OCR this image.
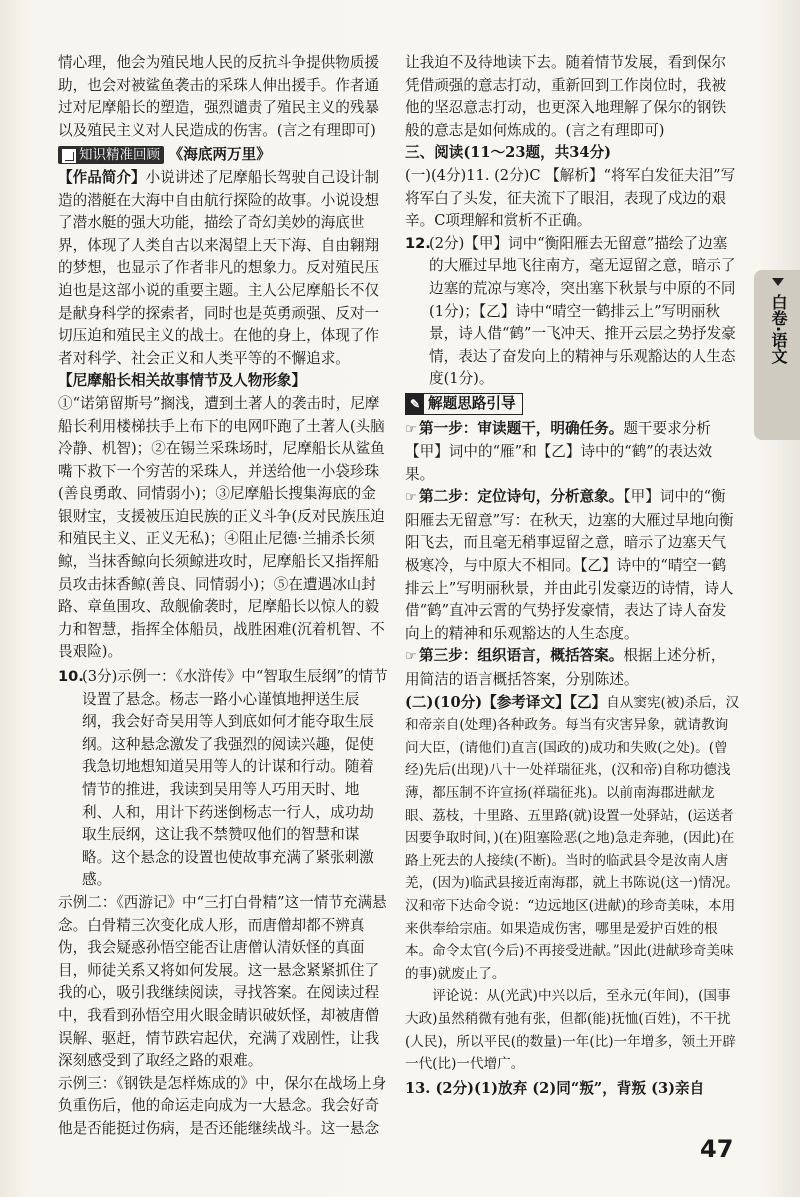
情心理，他会为殖民地人民的反抗斗争提供物质援助，也会对被鲨鱼袭击的采珠人伸出援手。作者通过对尼摩船长的塑造，强烈谴责了殖民主义的残暴以及殖民主义对人民造成的伤害。(言之有理即可)

知识精准回顾 《海底两万里》

【作品简介】小说讲述了尼摩船长驾驶自己设计制造的潜艇在大海中自由航行探险的故事。小说设想了潜水艇的强大功能，描绘了奇幻美妙的海底世界，体现了人类自古以来渴望上天下海、自由翱翔的梦想，也显示了作者非凡的想象力。反对殖民压迫也是这部小说的重要主题。主人公尼摩船长不仅是献身科学的探索者，同时也是英勇顽强、反对一切压迫和殖民主义的战士。在他的身上，体现了作者对科学、社会正义和人类平等的不懈追求。

【尼摩船长相关故事情节及人物形象】

①“诺第留斯号”搁浅，遭到土著人的袭击时，尼摩船长利用楼梯扶手上布下的电网吓跑了土著人(头脑冷静、机智)；②在锡兰采珠场时，尼摩船长从鲨鱼嘴下救下一个穷苦的采珠人，并送给他一小袋珍珠(善良勇敢、同情弱小)；③尼摩船长搜集海底的金银财宝，支援被压迫民族的正义斗争(反对民族压迫和殖民主义、正义无私)；④阻止尼德·兰捕杀长须鲸，当抹香鲸向长须鲸进攻时，尼摩船长又指挥船员攻击抹香鲸(善良、同情弱小)；⑤在遭遇冰山封路、章鱼围攻、敌舰偷袭时，尼摩船长以惊人的毅力和智慧，指挥全体船员，战胜困难(沉着机智、不畏艰险)。

10.

(3分)示例一：《水浒传》中“智取生辰纲”的情节设置了悬念。杨志一路小心谨慎地押送生辰纲，我会好奇吴用等人到底如何才能夺取生辰纲。这种悬念激发了我强烈的阅读兴趣，促使我急切地想知道吴用等人的计谋和行动。随着情节的推进，我读到吴用等人巧用天时、地利、人和，用计下药迷倒杨志一行人，成功劫取生辰纲，这让我不禁赞叹他们的智慧和谋略。这个悬念的设置也使故事充满了紧张刺激感。

示例二：《西游记》中“三打白骨精”这一情节充满悬念。白骨精三次变化成人形，而唐僧却都不辨真伪，我会疑惑孙悟空能否让唐僧认清妖怪的真面目，师徒关系又将如何发展。这一悬念紧紧抓住了我的心，吸引我继续阅读，寻找答案。在阅读过程中，我看到孙悟空用火眼金睛识破妖怪，却被唐僧误解、驱赶，情节跌宕起伏，充满了戏剧性，让我深刻感受到了取经之路的艰难。

示例三：《钢铁是怎样炼成的》中，保尔在战场上身负重伤后，他的命运走向成为一大悬念。我会好奇他是否能挺过伤病，是否还能继续战斗。这一悬念

让我迫不及待地读下去。随着情节发展，看到保尔凭借顽强的意志打动，重新回到工作岗位时，我被他的坚忍意志打动，也更深入地理解了保尔的钢铁般的意志是如何炼成的。(言之有理即可)

三、阅读(11～23题，共34分)

(一)(4分)11. (2分)C 【解析】“将军白发征夫泪”写将军白了头发，征夫流下了眼泪，表现了戍边的艰辛。C项理解和赏析不正确。

12.

(2分)【甲】词中“衡阳雁去无留意”描绘了边塞的大雁过早地飞往南方，毫无逗留之意，暗示了边塞的荒凉与寒冷，突出塞下秋景与中原的不同(1分)；【乙】诗中“晴空一鹤排云上”写明丽秋景，诗人借“鹤”一飞冲天、推开云层之势抒发豪情，表达了奋发向上的精神与乐观豁达的人生态度(1分)。

✎ 解题思路引导

☞ 第一步：审读题干，明确任务。题干要求分析【甲】词中的“雁”和【乙】诗中的“鹤”的表达效果。

☞ 第二步：定位诗句，分析意象。【甲】词中的“衡阳雁去无留意”写：在秋天，边塞的大雁过早地向衡阳飞去，而且毫无稍事逗留之意，暗示了边塞天气极寒冷，与中原大不相同。【乙】诗中的“晴空一鹤排云上”写明丽秋景，并由此引发豪迈的诗情，诗人借“鹤”直冲云霄的气势抒发豪情，表达了诗人奋发向上的精神和乐观豁达的人生态度。

☞ 第三步：组织语言，概括答案。根据上述分析，用简洁的语言概括答案，分别陈述。

(二)(10分)【参考译文】【乙】自从窦宪(被)杀后，汉和帝亲自(处理)各种政务。每当有灾害异象，就请教询问大臣，(请他们)直言(国政的)成功和失败(之处)。(曾经)先后(出现)八十一处祥瑞征兆，(汉和帝)自称功德浅薄，都压制不许宣扬(祥瑞征兆)。以前南海郡进献龙眼、荔枝，十里路、五里路(就)设置一处驿站，(运送者因要争取时间，)(在)阻塞险恶(之地)急走奔驰，(因此)在路上死去的人接续(不断)。当时的临武县令是汝南人唐羌，(因为)临武县接近南海郡，就上书陈说(这一)情况。汉和帝下达命令说：“边远地区(进献)的珍奇美味，本用来供奉给宗庙。如果造成伤害，哪里是爱护百姓的根本。命令太官(今后)不再接受进献。”因此(进献珍奇美味的事)就废止了。

评论说：从(光武)中兴以后，至永元(年间)，(国事大政)虽然稍微有弛有张，但都(能)抚恤(百姓)，不干扰(人民)，所以平民(的数量)一年(比)一年增多，领土开辟一代(比)一代增广。

13. (2分)(1)放弃 (2)同“叛”，背叛 (3)亲自

白卷·语文
47
